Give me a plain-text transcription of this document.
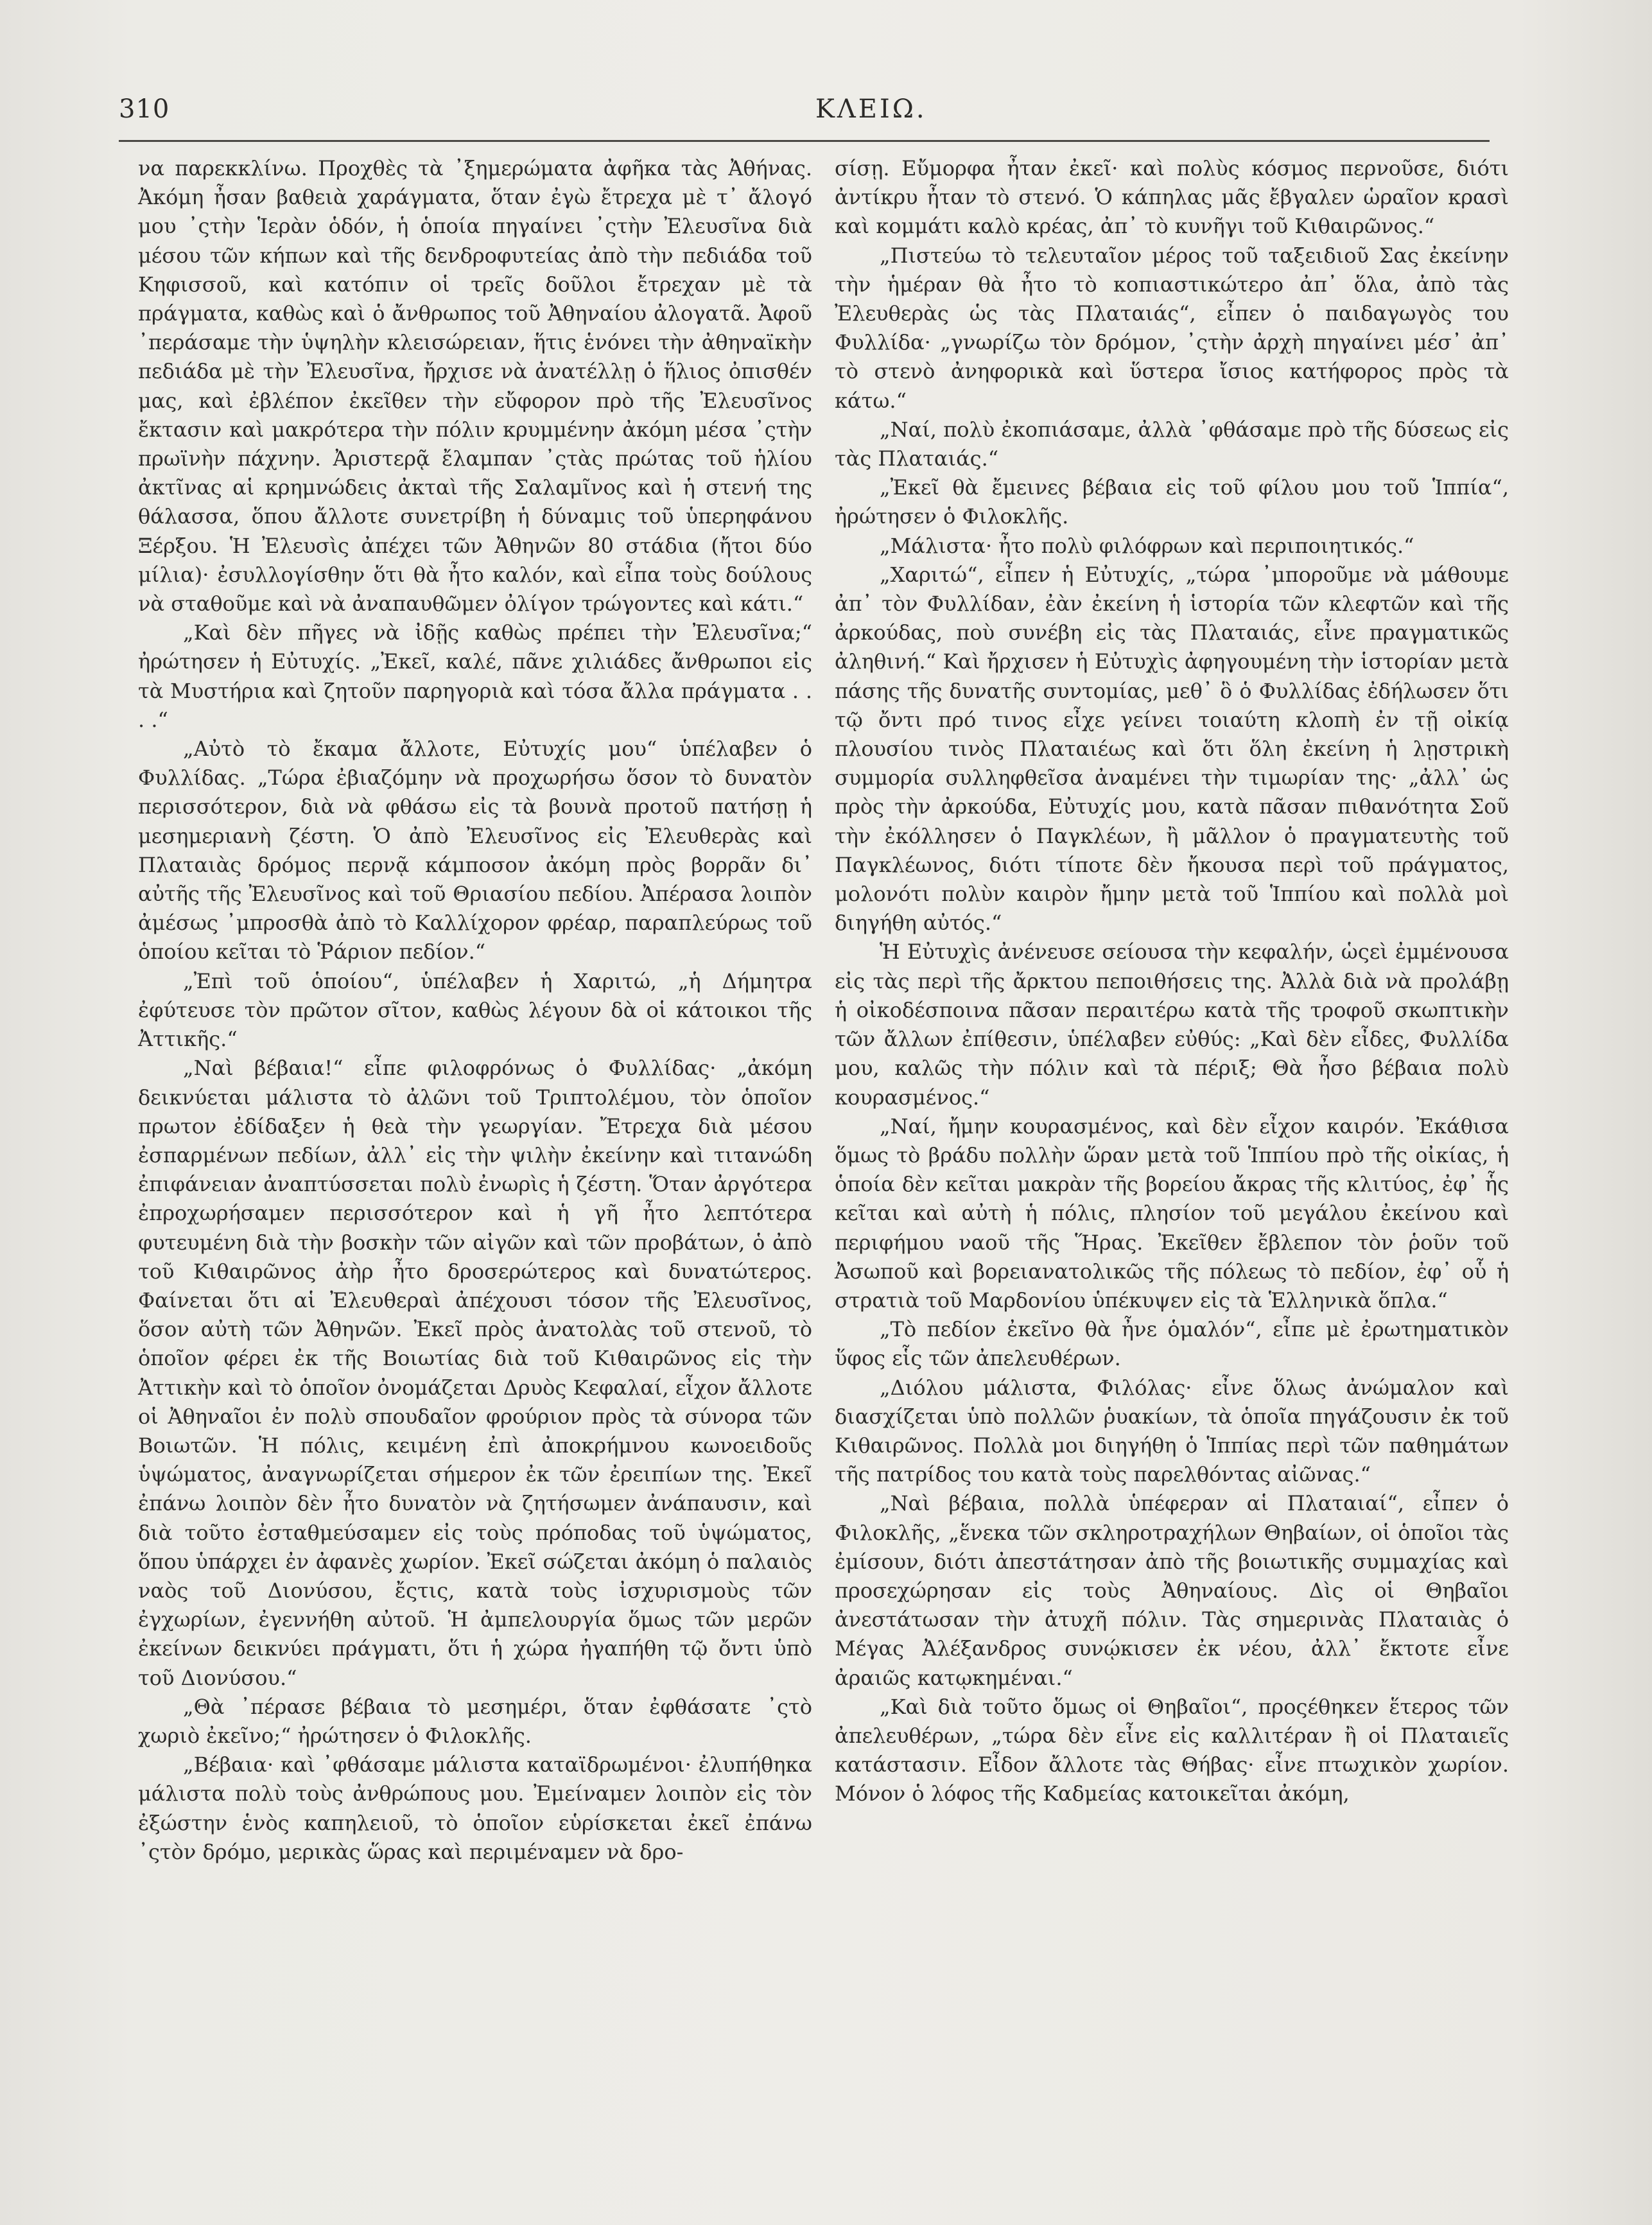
310	ΚΛΕΙΩ.

να παρεκκλίνω. Προχθὲς τὰ ᾿ξημερώματα ἀφῆκα τὰς Ἀθήνας. Ἀκόμη ἦσαν βαθειὰ χαράγματα, ὅταν ἐγὼ ἔτρεχα μὲ τ᾿ ἄλογό μου ᾿ςτὴν Ἱερὰν ὁδόν, ἡ ὁποία πηγαίνει ᾿ςτὴν Ἐλευσῖνα διὰ μέσου τῶν κήπων καὶ τῆς δενδροφυτείας ἀπὸ τὴν πεδιάδα τοῦ Κηφισσοῦ, καὶ κατόπιν οἱ τρεῖς δοῦλοι ἔτρεχαν μὲ τὰ πράγματα, καθὼς καὶ ὁ ἄνθρωπος τοῦ Ἀθηναίου ἀλογατᾶ. Ἀφοῦ ᾿περάσαμε τὴν ὑψηλὴν κλεισώρειαν, ἥτις ἑνόνει τὴν ἀθηναϊκὴν πεδιάδα μὲ τὴν Ἐλευσῖνα, ἤρχισε νὰ ἀνατέλλῃ ὁ ἥλιος ὀπισθέν μας, καὶ ἐβλέπον ἐκεῖθεν τὴν εὔφορον πρὸ τῆς Ἐλευσῖνος ἔκτασιν καὶ μακρότερα τὴν πόλιν κρυμμένην ἀκόμη μέσα ᾿ςτὴν πρωϊνὴν πάχνην. Ἀριστερᾷ ἔλαμπαν ᾿ςτὰς πρώτας τοῦ ἡλίου ἀκτῖνας αἱ κρημνώδεις ἀκταὶ τῆς Σαλαμῖνος καὶ ἡ στενή της θάλασσα, ὅπου ἄλλοτε συνετρίβη ἡ δύναμις τοῦ ὑπερηφάνου Ξέρξου. Ἡ Ἐλευσὶς ἀπέχει τῶν Ἀθηνῶν 80 στάδια (ἤτοι δύο μίλια)· ἐσυλλογίσθην ὅτι θὰ ἦτο καλόν, καὶ εἶπα τοὺς δούλους νὰ σταθοῦμε καὶ νὰ ἀναπαυθῶμεν ὀλίγον τρώγοντες καὶ κάτι.“

„Καὶ δὲν πῆγες νὰ ἰδῇς καθὼς πρέπει τὴν Ἐλευσῖνα;“ ἠρώτησεν ἡ Εὐτυχίς. „Ἐκεῖ, καλέ, πᾶνε χιλιάδες ἄνθρωποι εἰς τὰ Μυστήρια καὶ ζητοῦν παρηγοριὰ καὶ τόσα ἄλλα πράγματα . . . .“

„Αὐτὸ τὸ ἔκαμα ἄλλοτε, Εὐτυχίς μου“ ὑπέλαβεν ὁ Φυλλίδας. „Τώρα ἐβιαζόμην νὰ προχωρήσω ὅσον τὸ δυνατὸν περισσότερον, διὰ νὰ φθάσω εἰς τὰ βουνὰ προτοῦ πατήσῃ ἡ μεσημεριανὴ ζέστη. Ὁ ἀπὸ Ἐλευσῖνος εἰς Ἐλευθερὰς καὶ Πλαταιὰς δρόμος περνᾷ κάμποσον ἀκόμη πρὸς βορρᾶν δι᾿ αὐτῆς τῆς Ἐλευσῖνος καὶ τοῦ Θριασίου πεδίου. Ἀπέρασα λοιπὸν ἀμέσως ᾿μπροσθὰ ἀπὸ τὸ Καλλίχορον φρέαρ, παραπλεύρως τοῦ ὁποίου κεῖται τὸ Ῥάριον πεδίον.“

„Ἐπὶ τοῦ ὁποίου“, ὑπέλαβεν ἡ Χαριτώ, „ἡ Δήμητρα ἐφύτευσε τὸν πρῶτον σῖτον, καθὼς λέγουν δὰ οἱ κάτοικοι τῆς Ἀττικῆς.“

„Ναὶ βέβαια!“ εἶπε φιλοφρόνως ὁ Φυλλίδας· „ἀκόμη δεικνύεται μάλιστα τὸ ἀλῶνι τοῦ Τριπτολέμου, τὸν ὁποῖον πρωτον ἐδίδαξεν ἡ θεὰ τὴν γεωργίαν. Ἔτρεχα διὰ μέσου ἐσπαρμένων πεδίων, ἀλλ᾿ εἰς τὴν ψιλὴν ἐκείνην καὶ τιτανώδη ἐπιφάνειαν ἀναπτύσσεται πολὺ ἐνωρὶς ἡ ζέστη. Ὅταν ἀργότερα ἐπροχωρήσαμεν περισσότερον καὶ ἡ γῆ ἦτο λεπτότερα φυτευμένη διὰ τὴν βοσκὴν τῶν αἰγῶν καὶ τῶν προβάτων, ὁ ἀπὸ τοῦ Κιθαιρῶνος ἀὴρ ἦτο δροσερώτερος καὶ δυνατώτερος. Φαίνεται ὅτι αἱ Ἐλευθεραὶ ἀπέχουσι τόσον τῆς Ἐλευσῖνος, ὅσον αὐτὴ τῶν Ἀθηνῶν. Ἐκεῖ πρὸς ἀνατολὰς τοῦ στενοῦ, τὸ ὁποῖον φέρει ἐκ τῆς Βοιωτίας διὰ τοῦ Κιθαιρῶνος εἰς τὴν Ἀττικὴν καὶ τὸ ὁποῖον ὀνομάζεται Δρυὸς Κεφαλαί, εἶχον ἄλλοτε οἱ Ἀθηναῖοι ἐν πολὺ σπουδαῖον φρούριον πρὸς τὰ σύνορα τῶν Βοιωτῶν. Ἡ πόλις, κειμένη ἐπὶ ἀποκρήμνου κωνοειδοῦς ὑψώματος, ἀναγνωρίζεται σήμερον ἐκ τῶν ἐρειπίων της. Ἐκεῖ ἐπάνω λοιπὸν δὲν ἦτο δυνατὸν νὰ ζητήσωμεν ἀνάπαυσιν, καὶ διὰ τοῦτο ἐσταθμεύσαμεν εἰς τοὺς πρόποδας τοῦ ὑψώματος, ὅπου ὑπάρχει ἐν ἀφανὲς χωρίον. Ἐκεῖ σώζεται ἀκόμη ὁ παλαιὸς ναὸς τοῦ Διονύσου, ἔςτις, κατὰ τοὺς ἰσχυρισμοὺς τῶν ἐγχωρίων, ἐγεννήθη αὐτοῦ. Ἡ ἀμπελουργία ὅμως τῶν μερῶν ἐκείνων δεικνύει πράγματι, ὅτι ἡ χώρα ἠγαπήθη τῷ ὄντι ὑπὸ τοῦ Διονύσου.“

„Θὰ ᾿πέρασε βέβαια τὸ μεσημέρι, ὅταν ἐφθάσατε ᾿ςτὸ χωριὸ ἐκεῖνο;“ ἠρώτησεν ὁ Φιλοκλῆς.

„Βέβαια· καὶ ᾿φθάσαμε μάλιστα καταϊδρωμένοι· ἐλυπήθηκα μάλιστα πολὺ τοὺς ἀνθρώπους μου. Ἐμείναμεν λοιπὸν εἰς τὸν ἐξώστην ἑνὸς καπηλειοῦ, τὸ ὁποῖον εὑρίσκεται ἐκεῖ ἐπάνω ᾿ςτὸν δρόμο, μερικὰς ὥρας καὶ περιμέναμεν νὰ δρο-

σίσῃ. Εὔμορφα ἦταν ἐκεῖ· καὶ πολὺς κόσμος περνοῦσε, διότι ἀντίκρυ ἦταν τὸ στενό. Ὁ κάπηλας μᾶς ἔβγαλεν ὡραῖον κρασὶ καὶ κομμάτι καλὸ κρέας, ἀπ᾿ τὸ κυνῆγι τοῦ Κιθαιρῶνος.“

„Πιστεύω τὸ τελευταῖον μέρος τοῦ ταξειδιοῦ Σας ἐκείνην τὴν ἡμέραν θὰ ἦτο τὸ κοπιαστικώτερο ἀπ᾿ ὅλα, ἀπὸ τὰς Ἐλευθερὰς ὡς τὰς Πλαταιάς“, εἶπεν ὁ παιδαγωγὸς του Φυλλίδα· „γνωρίζω τὸν δρόμον, ᾿ςτὴν ἀρχὴ πηγαίνει μέσ᾿ ἀπ᾿ τὸ στενὸ ἀνηφορικὰ καὶ ὕστερα ἴσιος κατήφορος πρὸς τὰ κάτω.“

„Ναί, πολὺ ἐκοπιάσαμε, ἀλλὰ ᾿φθάσαμε πρὸ τῆς δύσεως εἰς τὰς Πλαταιάς.“

„Ἐκεῖ θὰ ἔμεινες βέβαια εἰς τοῦ φίλου μου τοῦ Ἱππία“, ἠρώτησεν ὁ Φιλοκλῆς.

„Μάλιστα· ἦτο πολὺ φιλόφρων καὶ περιποιητικός.“

„Χαριτώ“, εἶπεν ἡ Εὐτυχίς, „τώρα ᾿μποροῦμε νὰ μάθουμε ἀπ᾿ τὸν Φυλλίδαν, ἐὰν ἐκείνη ἡ ἱστορία τῶν κλεφτῶν καὶ τῆς ἀρκούδας, ποὺ συνέβη εἰς τὰς Πλαταιάς, εἶνε πραγματικῶς ἀληθινή.“ Καὶ ἤρχισεν ἡ Εὐτυχὶς ἀφηγουμένη τὴν ἱστορίαν μετὰ πάσης τῆς δυνατῆς συντομίας, μεθ᾿ ὃ ὁ Φυλλίδας ἐδήλωσεν ὅτι τῷ ὄντι πρό τινος εἶχε γείνει τοιαύτη κλοπὴ ἐν τῇ οἰκίᾳ πλουσίου τινὸς Πλαταιέως καὶ ὅτι ὅλη ἐκείνη ἡ λῃστρικὴ συμμορία συλληφθεῖσα ἀναμένει τὴν τιμωρίαν της· „ἀλλ᾿ ὡς πρὸς τὴν ἀρκούδα, Εὐτυχίς μου, κατὰ πᾶσαν πιθανότητα Σοῦ τὴν ἐκόλλησεν ὁ Παγκλέων, ἢ μᾶλλον ὁ πραγματευτὴς τοῦ Παγκλέωνος, διότι τίποτε δὲν ἤκουσα περὶ τοῦ πράγματος, μολονότι πολὺν καιρὸν ἤμην μετὰ τοῦ Ἱππίου καὶ πολλὰ μοὶ διηγήθη αὐτός.“

Ἡ Εὐτυχὶς ἀνένευσε σείουσα τὴν κεφαλήν, ὡςεὶ ἐμμένουσα εἰς τὰς περὶ τῆς ἄρκτου πεποιθήσεις της. Ἀλλὰ διὰ νὰ προλάβῃ ἡ οἰκοδέσποινα πᾶσαν περαιτέρω κατὰ τῆς τροφοῦ σκωπτικὴν τῶν ἄλλων ἐπίθεσιν, ὑπέλαβεν εὐθύς: „Καὶ δὲν εἶδες, Φυλλίδα μου, καλῶς τὴν πόλιν καὶ τὰ πέριξ; Θὰ ἦσο βέβαια πολὺ κουρασμένος.“

„Ναί, ἤμην κουρασμένος, καὶ δὲν εἶχον καιρόν. Ἐκάθισα ὅμως τὸ βράδυ πολλὴν ὥραν μετὰ τοῦ Ἱππίου πρὸ τῆς οἰκίας, ἡ ὁποία δὲν κεῖται μακρὰν τῆς βορείου ἄκρας τῆς κλιτύος, ἐφ᾿ ἧς κεῖται καὶ αὐτὴ ἡ πόλις, πλησίον τοῦ μεγάλου ἐκείνου καὶ περιφήμου ναοῦ τῆς Ἥρας. Ἐκεῖθεν ἔβλεπον τὸν ῥοῦν τοῦ Ἀσωποῦ καὶ βορειανατολικῶς τῆς πόλεως τὸ πεδίον, ἐφ᾿ οὗ ἡ στρατιὰ τοῦ Μαρδονίου ὑπέκυψεν εἰς τὰ Ἑλληνικὰ ὅπλα.“

„Τὸ πεδίον ἐκεῖνο θὰ ἦνε ὁμαλόν“, εἶπε μὲ ἐρωτηματικὸν ὕφος εἷς τῶν ἀπελευθέρων.

„Διόλου μάλιστα, Φιλόλας· εἶνε ὅλως ἀνώμαλον καὶ διασχίζεται ὑπὸ πολλῶν ῥυακίων, τὰ ὁποῖα πηγάζουσιν ἐκ τοῦ Κιθαιρῶνος. Πολλὰ μοι διηγήθη ὁ Ἱππίας περὶ τῶν παθημάτων τῆς πατρίδος του κατὰ τοὺς παρελθόντας αἰῶνας.“

„Ναὶ βέβαια, πολλὰ ὑπέφεραν αἱ Πλαταιαί“, εἶπεν ὁ Φιλοκλῆς, „ἕνεκα τῶν σκληροτραχήλων Θηβαίων, οἱ ὁποῖοι τὰς ἐμίσουν, διότι ἀπεστάτησαν ἀπὸ τῆς βοιωτικῆς συμμαχίας καὶ προσεχώρησαν εἰς τοὺς Ἀθηναίους. Δὶς οἱ Θηβαῖοι ἀνεστάτωσαν τὴν ἀτυχῆ πόλιν. Τὰς σημερινὰς Πλαταιὰς ὁ Μέγας Ἀλέξανδρος συνῴκισεν ἐκ νέου, ἀλλ᾿ ἔκτοτε εἶνε ἀραιῶς κατῳκημέναι.“

„Καὶ διὰ τοῦτο ὅμως οἱ Θηβαῖοι“, προςέθηκεν ἕτερος τῶν ἀπελευθέρων, „τώρα δὲν εἶνε εἰς καλλιτέραν ἢ οἱ Πλαταιεῖς κατάστασιν. Εἶδον ἄλλοτε τὰς Θήβας· εἶνε πτωχικὸν χωρίον. Μόνον ὁ λόφος τῆς Καδμείας κατοικεῖται ἀκόμη,
